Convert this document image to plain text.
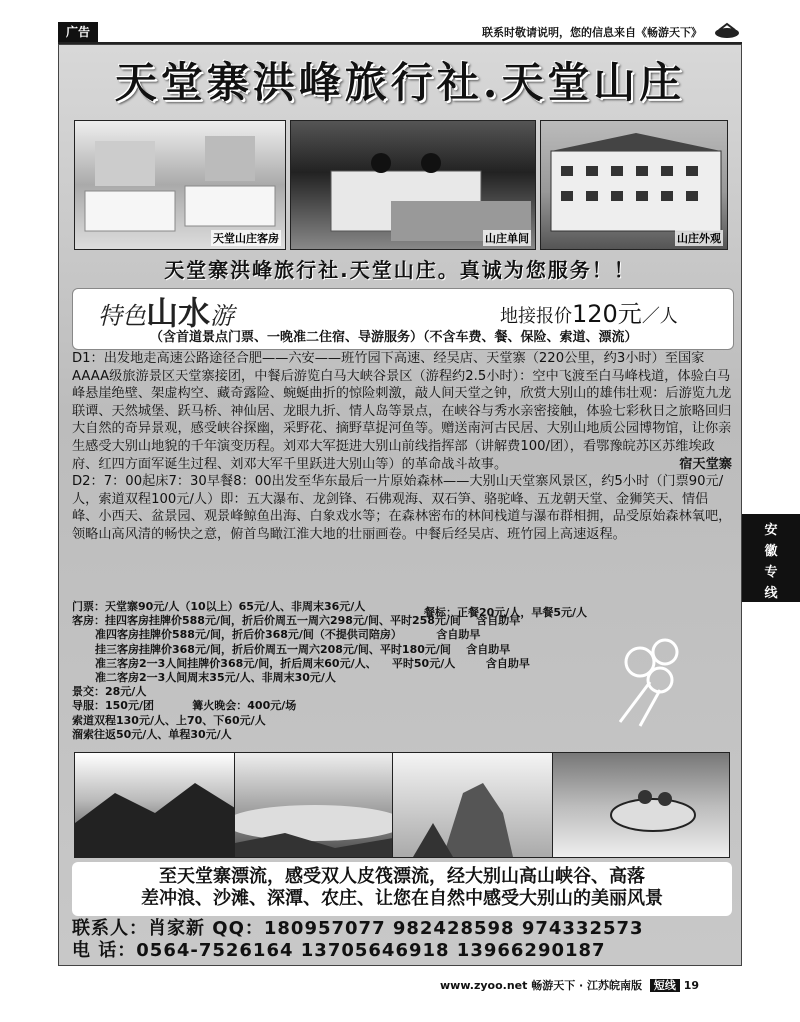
广告	联系时敬请说明，您的信息来自《畅游天下》
天堂寨洪峰旅行社.天堂山庄
天堂山庄客房	山庄单间	山庄外观
天堂寨洪峰旅行社.天堂山庄。真诚为您服务！！
特色山水游	地接报价120元／人
（含首道景点门票、一晚准二住宿、导游服务）（不含车费、餐、保险、索道、漂流）

D1：出发地走高速公路途径合肥——六安——班竹园下高速、经吴店、天堂寨（220公里，约3小时）至国家AAAA级旅游景区天堂寨接团，中餐后游览白马大峡谷景区（游程约2.5小时）：空中飞渡至白马峰栈道，体验白马峰悬崖绝壁、架虚构空、藏奇露险、蜿蜒曲折的惊险刺激，敲人间天堂之钟，欣赏大别山的雄伟壮观：后游览九龙联谭、天然城堡、跃马桥、神仙居、龙眼九折、情人岛等景点，在峡谷与秀水亲密接触，体验七彩秋日之旅略回归大自然的奇异景观，感受峡谷探幽，采野花、摘野草捉河鱼等。赠送南河古民居、大别山地质公园博物馆，让你亲生感受大别山地貌的千年演变历程。刘邓大军挺进大别山前线指挥部（讲解费100/团），看鄂豫皖苏区苏维埃政府、红四方面军诞生过程、刘邓大军千里跃进大别山等）的革命战斗故事。	宿天堂寨

D2：7：00起床7：30早餐8：00出发至华东最后一片原始森林——大别山天堂寨风景区，约5小时（门票90元/人，索道双程100元/人）即：五大瀑布、龙剑锋、石佛观海、双石笋、骆驼峰、五龙朝天堂、金狮笑天、情侣峰、小西天、盆景园、观景峰鲸鱼出海、白象戏水等；在森林密布的林间栈道与瀑布群相拥，品受原始森林氧吧，领略山高风清的畅快之意，俯首鸟瞰江淮大地的壮丽画卷。中餐后经吴店、班竹园上高速返程。

门票：天堂寨90元/人（10以上）65元/人、非周末36元/人
客房：挂四客房挂牌价588元/间，折后价周五一周六298元/间、平时258元/间    含自助早
准四客房挂牌价588元/间，折后价368元/间（不提供司陪房）         含自助早
挂三客房挂牌价368元/间，折后价周五一周六208元/间、平时180元/间    含自助早
准三客房2一3人间挂牌价368元/间，折后周末60元/人、    平时50元/人        含自助早
准二客房2一3人间周末35元/人、非周末30元/人
景交：28元/人
导服：150元/团          篝火晚会：400元/场
索道双程130元/人、上70、下60元/人
溜索往返50元/人、单程30元/人
餐标：正餐20元/人，早餐5元/人
至天堂寨漂流，感受双人皮筏漂流，经大别山高山峡谷、高落
差冲浪、沙滩、深潭、农庄、让您在自然中感受大别山的美丽风景
联系人：肖家新 QQ：180957077 982428598 974332573
电 话：0564-7526164 13705646918 13966290187
安
徽
专
线
www.zyoo.net 畅游天下 · 江苏皖南版 短线 19
